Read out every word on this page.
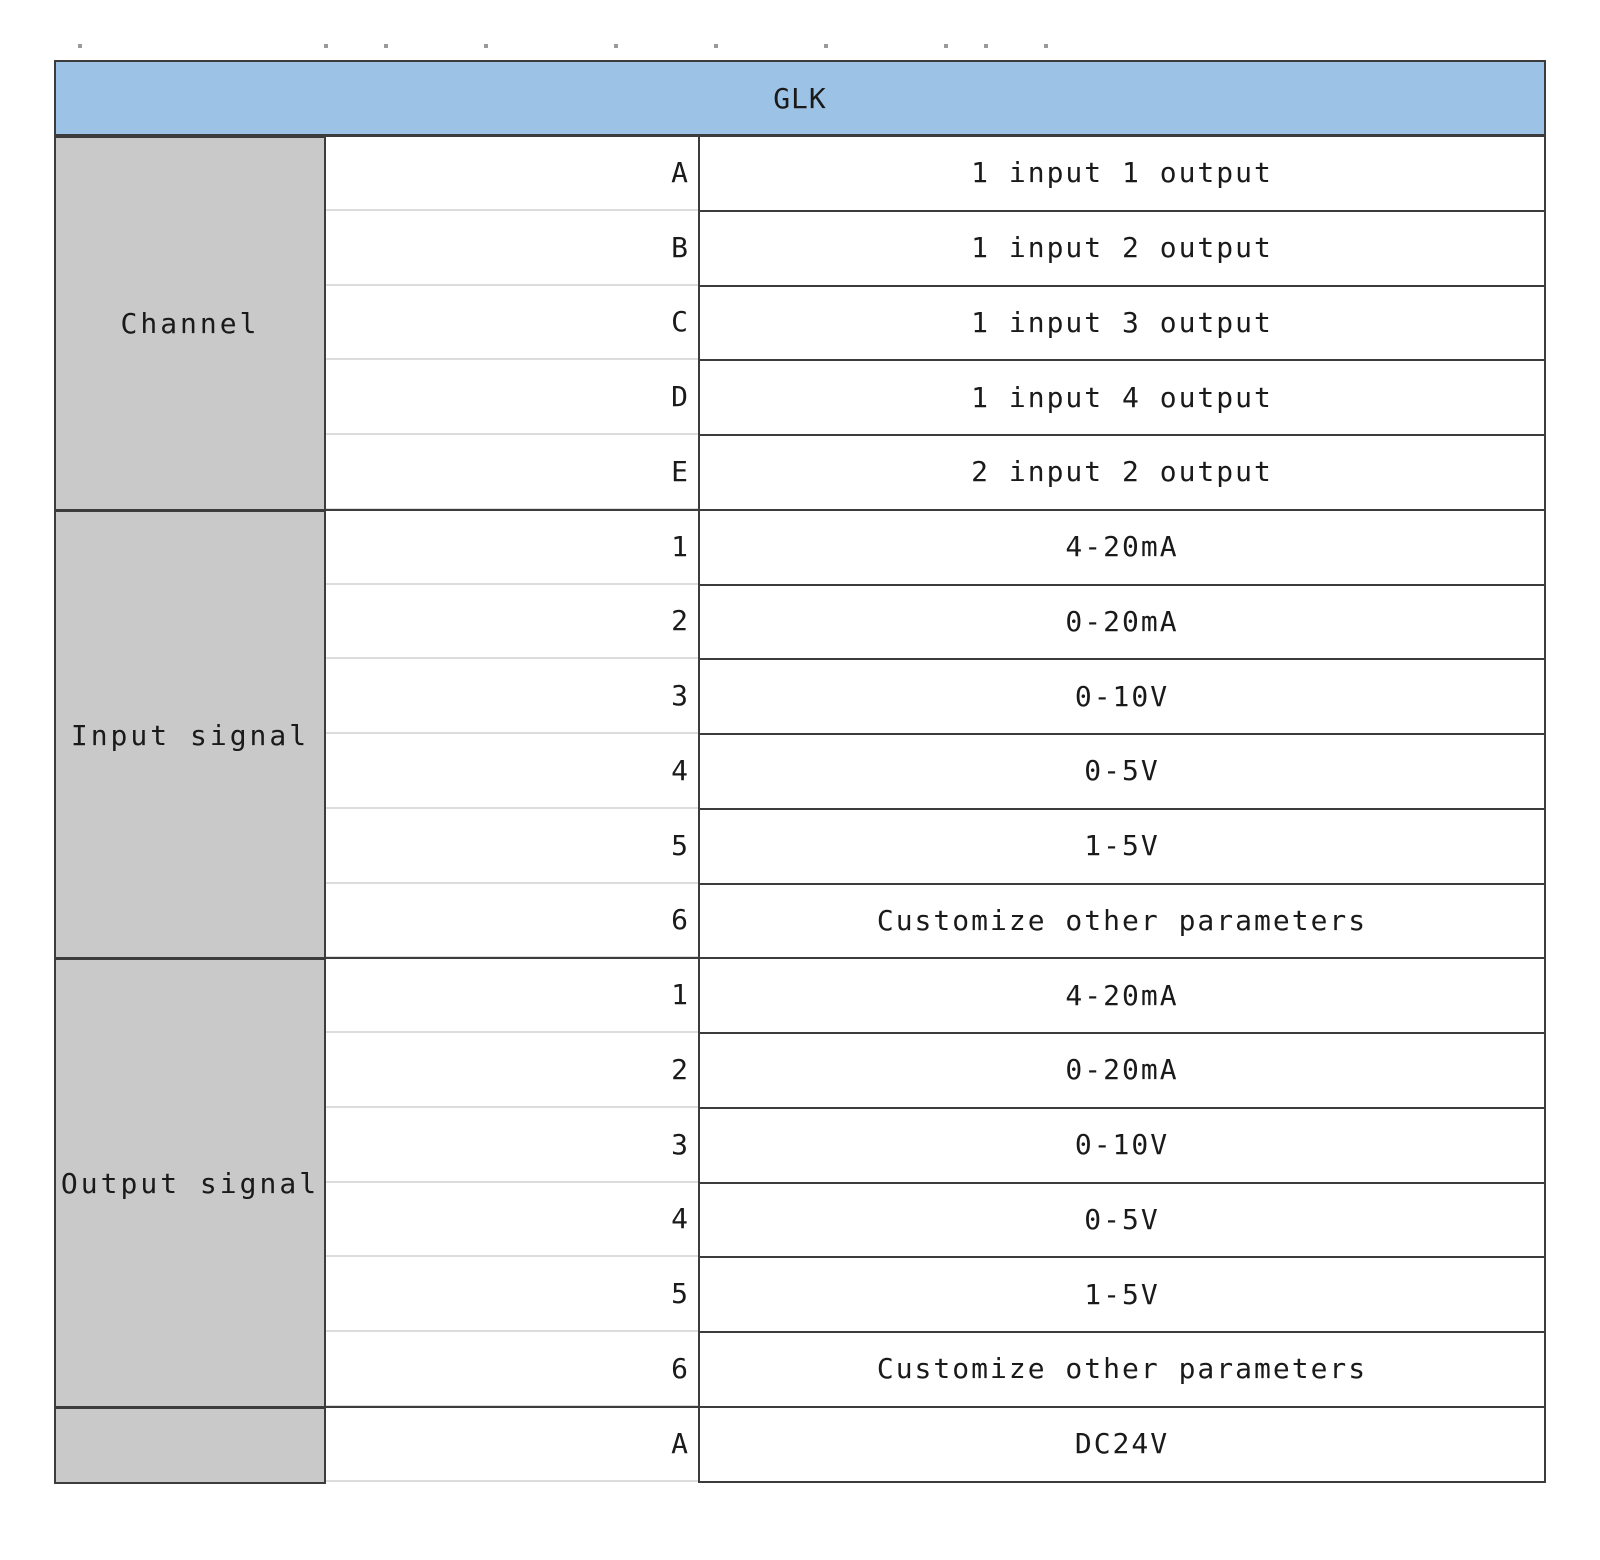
GLK
Channel
A	1 input 1 output
B	1 input 2 output
C	1 input 3 output
D	1 input 4 output
E	2 input 2 output
Input signal
1	4-20mA
2	0-20mA
3	0-10V
4	0-5V
5	1-5V
6	Customize other parameters
Output signal
1	4-20mA
2	0-20mA
3	0-10V
4	0-5V
5	1-5V
6	Customize other parameters
A	DC24V
